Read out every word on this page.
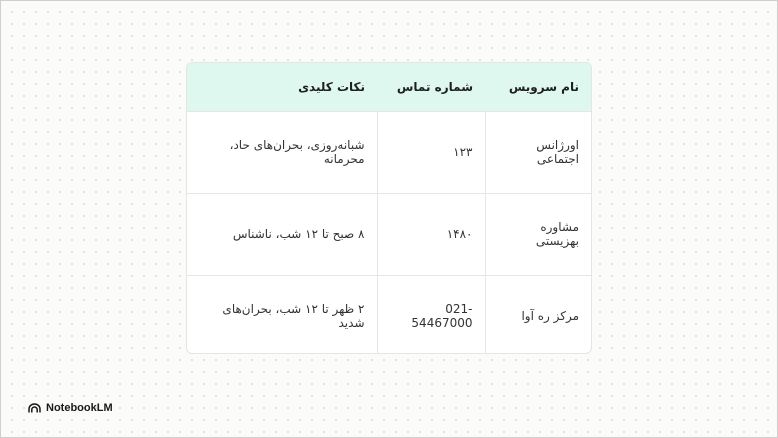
نام سرویس	شماره تماس	نکات کلیدی
اورژانس اجتماعی	۱۲۳	شبانه‌روزی، بحران‌های حاد، محرمانه
مشاوره بهزیستی	۱۴۸۰	۸ صبح تا ۱۲ شب، ناشناس
مرکز ره آوا	021-54467000	۲ ظهر تا ۱۲ شب، بحران‌های شدید
NotebookLM
